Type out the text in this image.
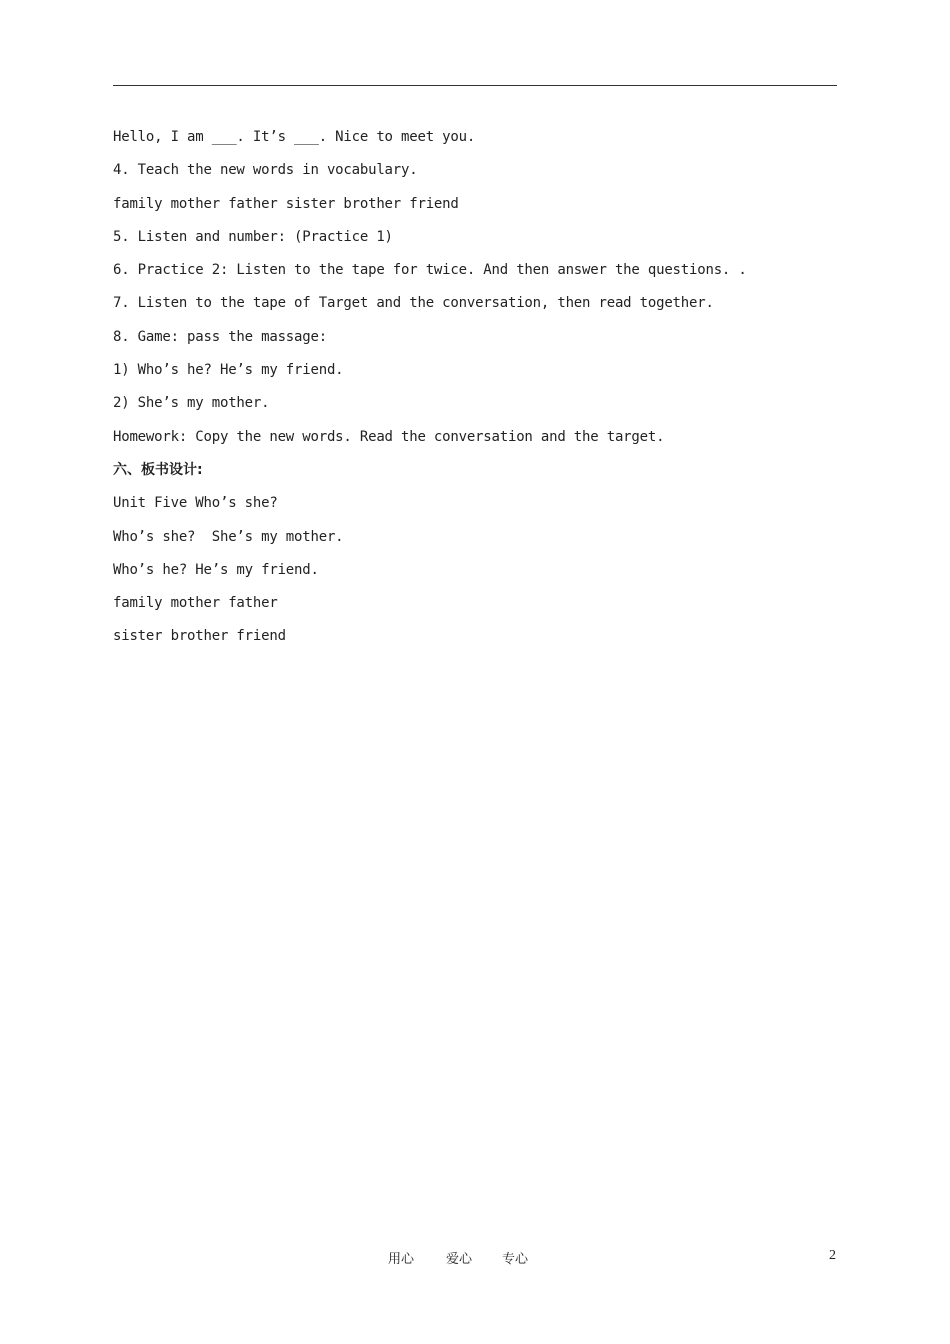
Hello, I am ___. It’s ___. Nice to meet you.
4. Teach the new words in vocabulary.
family mother father sister brother friend
5. Listen and number: (Practice 1)
6. Practice 2: Listen to the tape for twice. And then answer the questions. .
7. Listen to the tape of Target and the conversation, then read together.
8. Game: pass the massage:
1) Who’s he? He’s my friend.
2) She’s my mother.
Homework: Copy the new words. Read the conversation and the target.
六、板书设计:
Unit Five Who’s she?
Who’s she?  She’s my mother.
Who’s he? He’s my friend.
family mother father
sister brother friend
用心 爱心 专心	2
